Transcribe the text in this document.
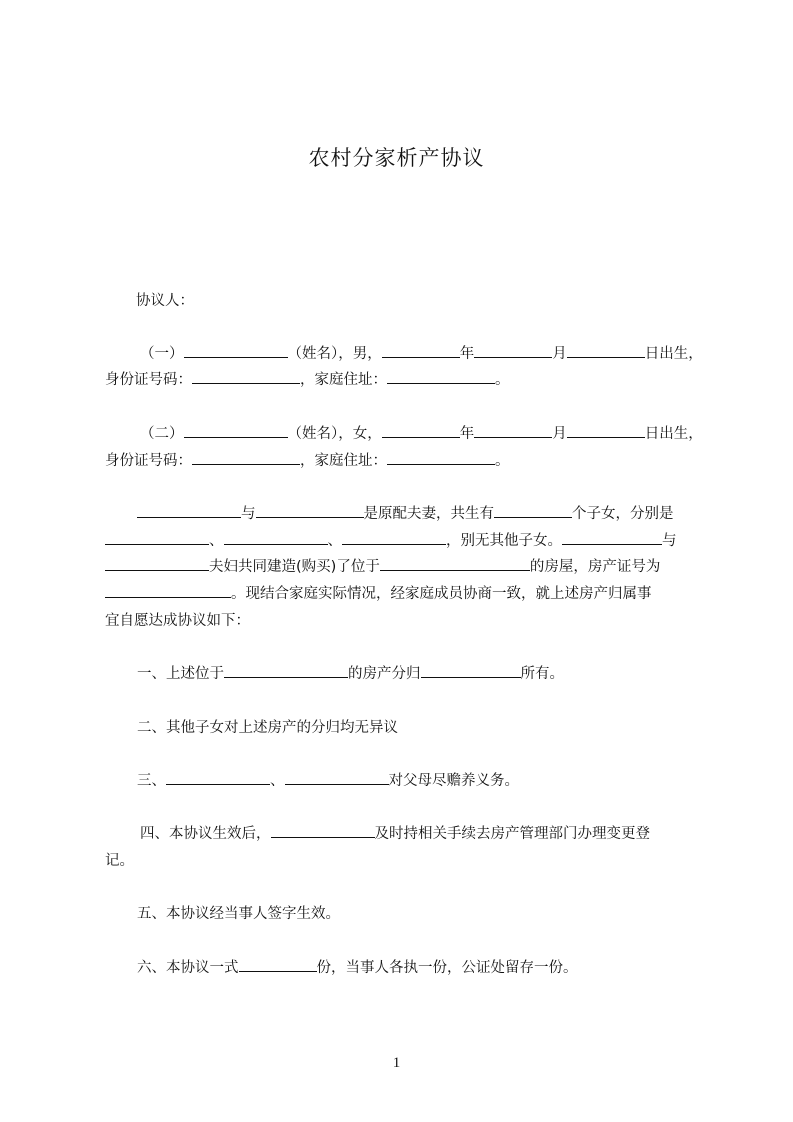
农村分家析产协议
协议人：
（一）	（姓名），男，	年	月	日出生，
身份证号码：	，家庭住址：	。
（二）	（姓名），女，	年	月	日出生，
身份证号码：	，家庭住址：	。
与	是原配夫妻，共生有	个子女，分别是
、	、	，别无其他子女。	与
夫妇共同建造(购买)了位于	的房屋，房产证号为
。现结合家庭实际情况，经家庭成员协商一致，就上述房产归属事
宜自愿达成协议如下：
一、上述位于	的房产分归	所有。
二、其他子女对上述房产的分归均无异议
三、	、	对父母尽赡养义务。
四、本协议生效后，	及时持相关手续去房产管理部门办理变更登
记。
五、本协议经当事人签字生效。
六、本协议一式	份，当事人各执一份，公证处留存一份。
1
